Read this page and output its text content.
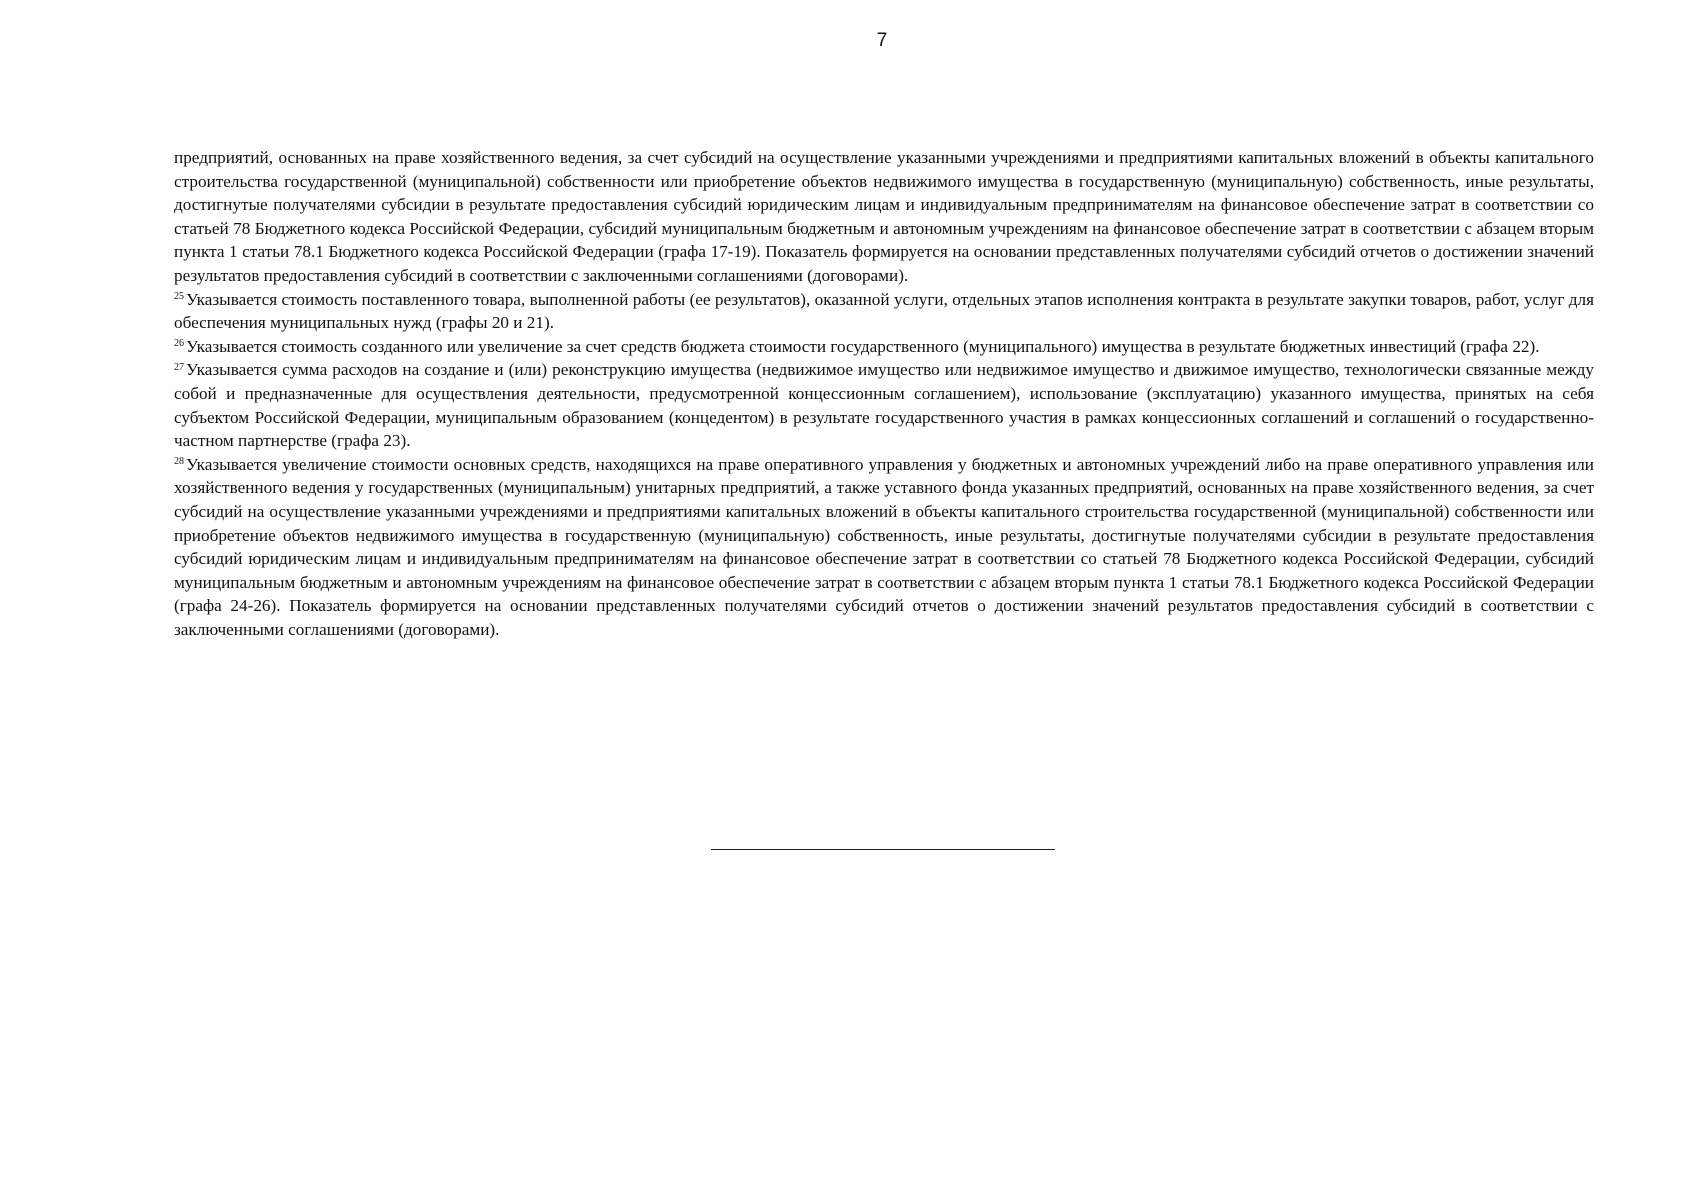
7

предприятий, основанных на праве хозяйственного ведения, за счет субсидий на осуществление указанными учреждениями и предприятиями капитальных вложений в объекты капитального строительства государственной (муниципальной) собственности или приобретение объектов недвижимого имущества в государственную (муниципальную) собственность, иные результаты, достигнутые получателями субсидии в результате предоставления субсидий юридическим лицам и индивидуальным предпринимателям на финансовое обеспечение затрат в соответствии со статьей 78 Бюджетного кодекса Российской Федерации, субсидий муниципальным бюджетным и автономным учреждениям на финансовое обеспечение затрат в соответствии с абзацем вторым пункта 1 статьи 78.1 Бюджетного кодекса Российской Федерации (графа 17-19). Показатель формируется на основании представленных получателями субсидий отчетов о достижении значений результатов предоставления субсидий в соответствии с заключенными соглашениями (договорами).

$^{25}$ Указывается стоимость поставленного товара, выполненной работы (ее результатов), оказанной услуги, отдельных этапов исполнения контракта в результате закупки товаров, работ, услуг для обеспечения муниципальных нужд (графы 20 и 21).

$^{26}$ Указывается стоимость созданного или увеличение за счет средств бюджета стоимости государственного (муниципального) имущества в результате бюджетных инвестиций (графа 22).

$^{27}$ Указывается сумма расходов на создание и (или) реконструкцию имущества (недвижимое имущество или недвижимое имущество и движимое имущество, технологически связанные между собой и предназначенные для осуществления деятельности, предусмотренной концессионным соглашением), использование (эксплуатацию) указанного имущества, принятых на себя субъектом Российской Федерации, муниципальным образованием (концедентом) в результате государственного участия в рамках концессионных соглашений и соглашений о государственно-частном партнерстве (графа 23).

$^{28}$ Указывается увеличение стоимости основных средств, находящихся на праве оперативного управления у бюджетных и автономных учреждений либо на праве оперативного управления или хозяйственного ведения у государственных (муниципальным) унитарных предприятий, а также уставного фонда указанных предприятий, основанных на праве хозяйственного ведения, за счет субсидий на осуществление указанными учреждениями и предприятиями капитальных вложений в объекты капитального строительства государственной (муниципальной) собственности или приобретение объектов недвижимого имущества в государственную (муниципальную) собственность, иные результаты, достигнутые получателями субсидии в результате предоставления субсидий юридическим лицам и индивидуальным предпринимателям на финансовое обеспечение затрат в соответствии со статьей 78 Бюджетного кодекса Российской Федерации, субсидий муниципальным бюджетным и автономным учреждениям на финансовое обеспечение затрат в соответствии с абзацем вторым пункта 1 статьи 78.1 Бюджетного кодекса Российской Федерации (графа 24-26). Показатель формируется на основании представленных получателями субсидий отчетов о достижении значений результатов предоставления субсидий в соответствии с заключенными соглашениями (договорами).
